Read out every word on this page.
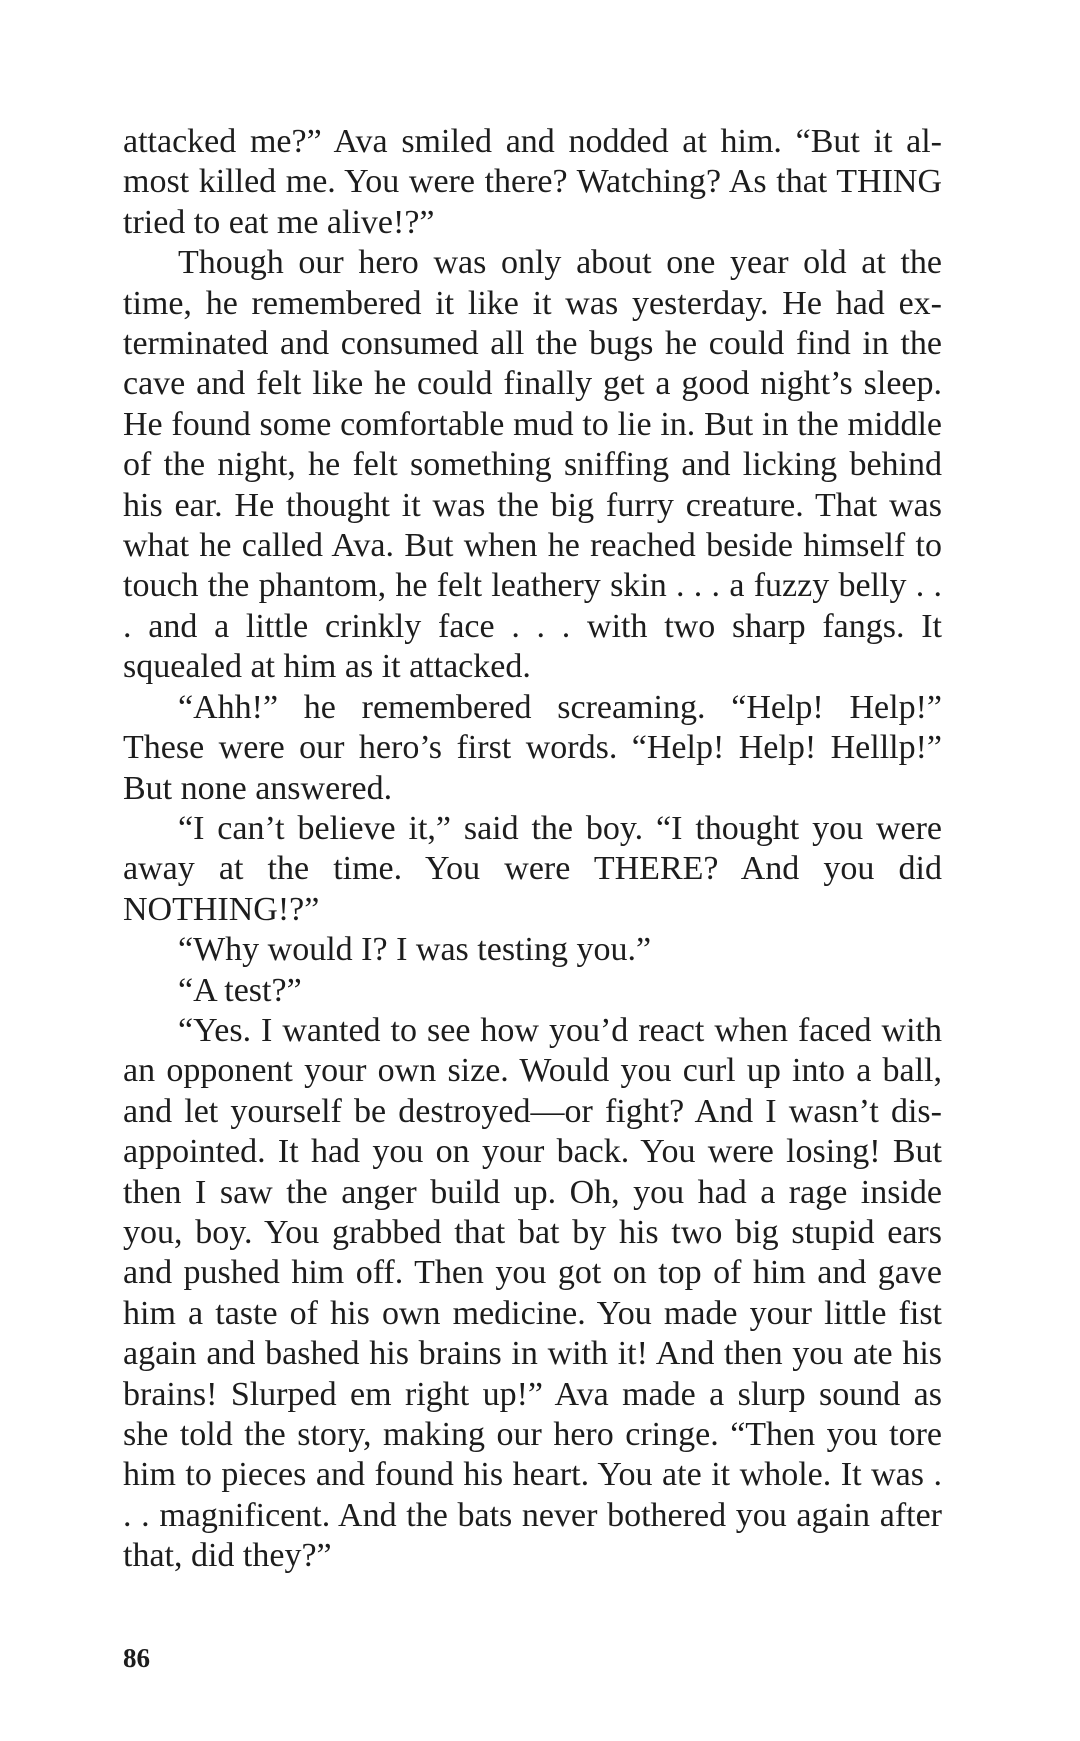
attacked me?” Ava smiled and nodded at him. “But it almost killed me. You were there? Watching? As that THING tried to eat me alive!?”

Though our hero was only about one year old at the time, he remembered it like it was yesterday. He had exterminated and consumed all the bugs he could find in the cave and felt like he could finally get a good night’s sleep. He found some comfortable mud to lie in. But in the middle of the night, he felt something sniffing and licking behind his ear. He thought it was the big furry creature. That was what he called Ava. But when he reached beside himself to touch the phantom, he felt leathery skin . . . a fuzzy belly . . . and a little crinkly face . . . with two sharp fangs. It squealed at him as it attacked.

“Ahh!” he remembered screaming. “Help! Help!” These were our hero’s first words. “Help! Help! Helllp!” But none answered.

“I can’t believe it,” said the boy. “I thought you were away at the time. You were THERE? And you did NOTHING!?”

“Why would I? I was testing you.”

“A test?”

“Yes. I wanted to see how you’d react when faced with an opponent your own size. Would you curl up into a ball, and let yourself be destroyed—or fight? And I wasn’t disappointed. It had you on your back. You were losing! But then I saw the anger build up. Oh, you had a rage inside you, boy. You grabbed that bat by his two big stupid ears and pushed him off. Then you got on top of him and gave him a taste of his own medicine. You made your little fist again and bashed his brains in with it! And then you ate his brains! Slurped em right up!” Ava made a slurp sound as she told the story, making our hero cringe. “Then you tore him to pieces and found his heart. You ate it whole. It was . . . magnificent. And the bats never bothered you again after that, did they?”

86
